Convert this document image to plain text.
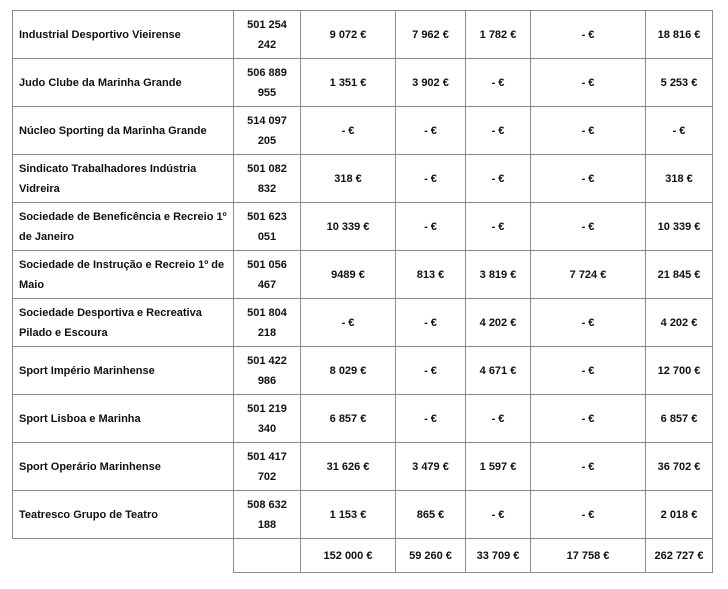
Industrial Desportivo Vieirense	501 254 242	9 072 €	7 962 €	1 782 €	- €	18 816 €
Judo Clube da Marinha Grande	506 889 955	1 351 €	3 902 €	- €	- €	5 253 €
Núcleo Sporting da Marinha Grande	514 097 205	- €	- €	- €	- €	- €
Sindicato Trabalhadores Indústria Vidreira	501 082 832	318 €	- €	- €	- €	318 €
Sociedade de Beneficência e Recreio 1º de Janeiro	501 623 051	10 339 €	- €	- €	- €	10 339 €
Sociedade de Instrução e Recreio 1º de Maio	501 056 467	9489 €	813 €	3 819 €	7 724 €	21 845 €
Sociedade Desportiva e Recreativa Pilado e Escoura	501 804 218	- €	- €	4 202 €	- €	4 202 €
Sport Império Marinhense	501 422 986	8 029 €	- €	4 671 €	- €	12 700 €
Sport Lisboa e Marinha	501 219 340	6 857 €	- €	- €	- €	6 857 €
Sport Operário Marinhense	501 417 702	31 626 €	3 479 €	1 597 €	- €	36 702 €
Teatresco Grupo de Teatro	508 632 188	1 153 €	865 €	- €	- €	2 018 €
		152 000 €	59 260 €	33 709 €	17 758 €	262 727 €
